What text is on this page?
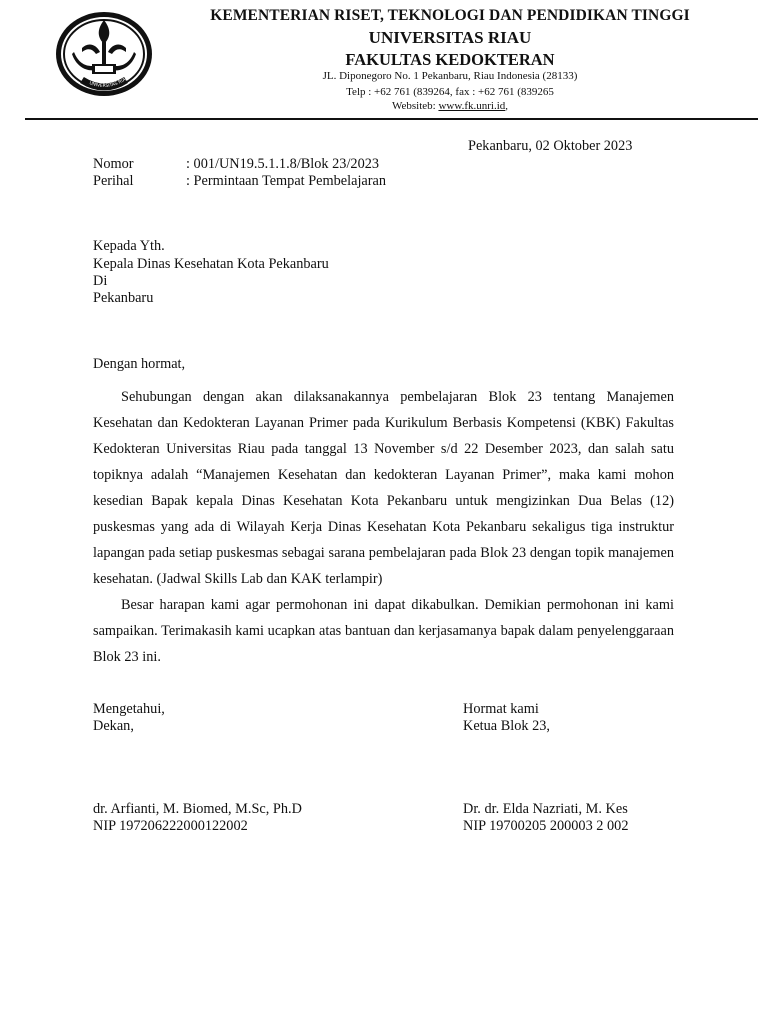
UNIVERSITAS RIA
KEMENTERIAN RISET, TEKNOLOGI DAN PENDIDIKAN TINGGI
UNIVERSITAS RIAU
FAKULTAS KEDOKTERAN
JL. Diponegoro No. 1 Pekanbaru, Riau Indonesia (28133)
Telp : +62 761 (839264, fax : +62 761 (839265
Websiteb: www.fk.unri.id,
Pekanbaru, 02 Oktober 2023
Nomor	: 001/UN19.5.1.1.8/Blok 23/2023
Perihal	: Permintaan Tempat Pembelajaran
Kepada Yth.
Kepala Dinas Kesehatan Kota Pekanbaru
Di
Pekanbaru
Dengan hormat,

Sehubungan dengan akan dilaksanakannya pembelajaran Blok 23 tentang Manajemen Kesehatan dan Kedokteran Layanan Primer pada Kurikulum Berbasis Kompetensi (KBK) Fakultas Kedokteran Universitas Riau pada tanggal 13 November s/d 22 Desember 2023, dan salah satu topiknya adalah “Manajemen Kesehatan dan kedokteran Layanan Primer”, maka kami mohon kesedian Bapak kepala Dinas Kesehatan Kota Pekanbaru untuk mengizinkan Dua Belas (12) puskesmas yang ada di Wilayah Kerja Dinas Kesehatan Kota Pekanbaru sekaligus tiga instruktur lapangan pada setiap puskesmas sebagai sarana pembelajaran pada Blok 23 dengan topik manajemen kesehatan. (Jadwal Skills Lab dan KAK terlampir)

Besar harapan kami agar permohonan ini dapat dikabulkan. Demikian permohonan ini kami sampaikan. Terimakasih kami ucapkan atas bantuan dan kerjasamanya bapak dalam penyelenggaraan Blok 23 ini.

Mengetahui,
Dekan,
Hormat kami
Ketua Blok 23,
dr. Arfianti, M. Biomed, M.Sc, Ph.D
NIP 197206222000122002
Dr. dr. Elda Nazriati, M. Kes
NIP 19700205 200003 2 002
